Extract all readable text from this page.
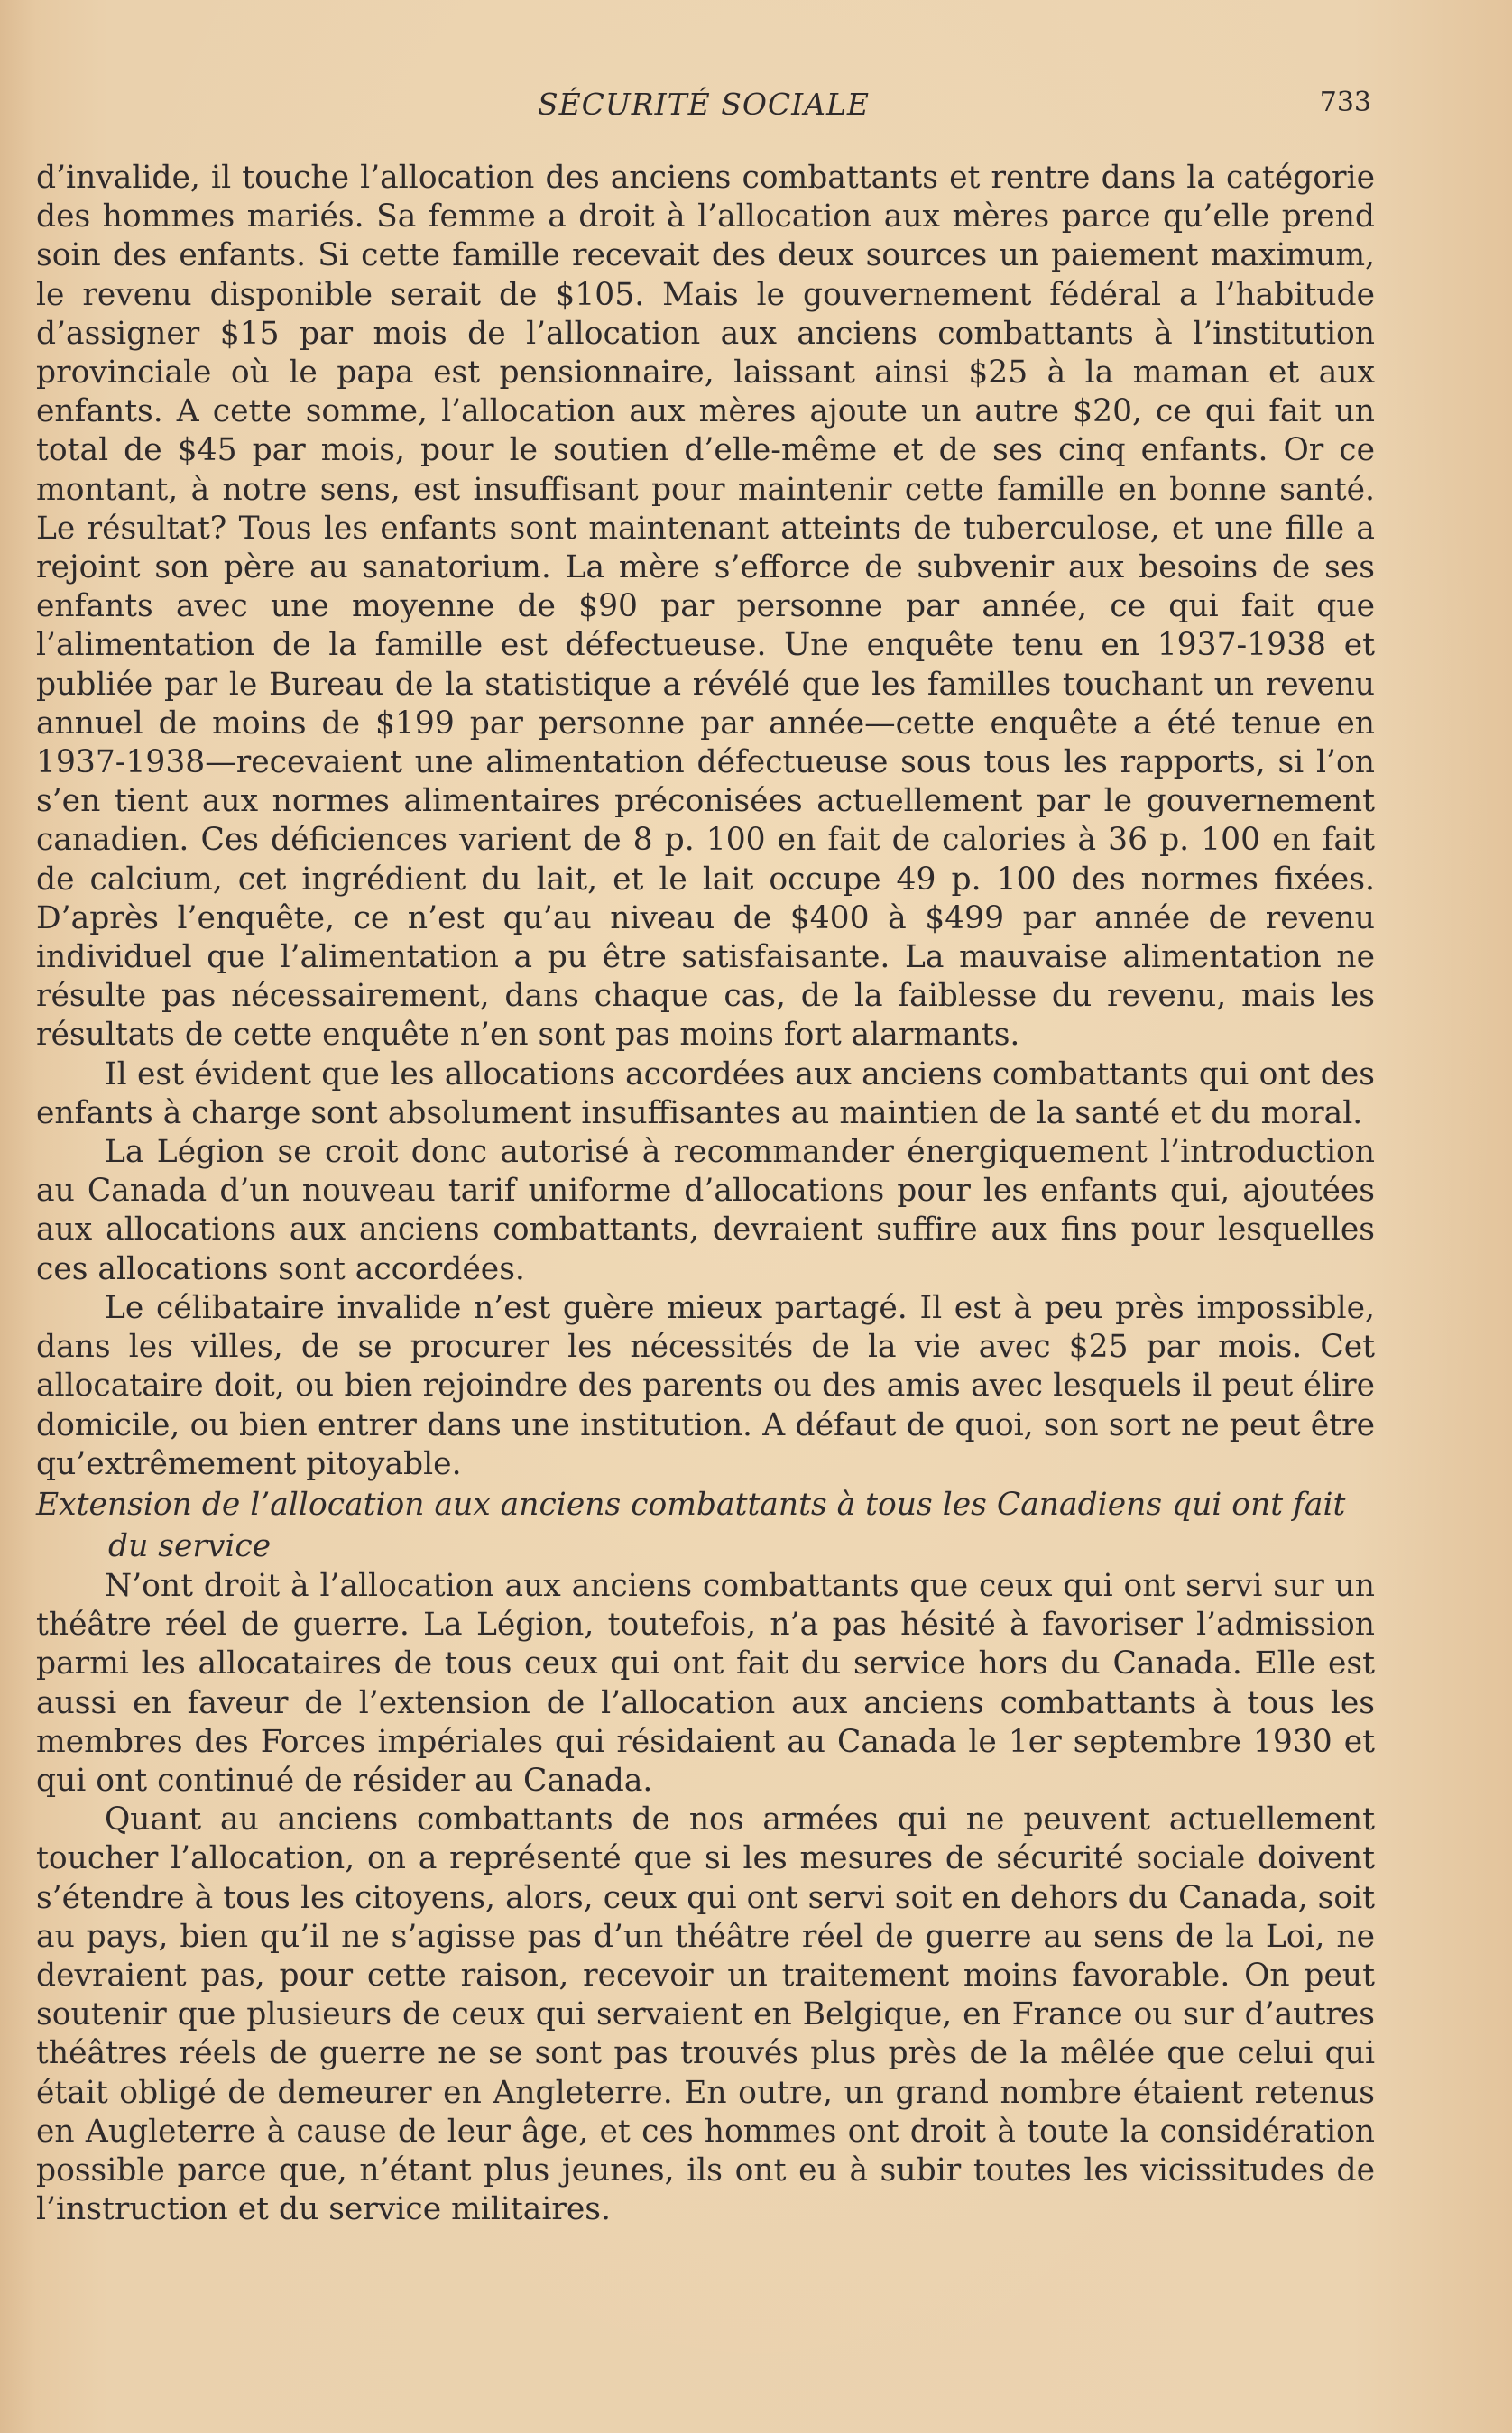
SÉCURITÉ SOCIALE	733

d’invalide, il touche l’allocation des anciens combattants et rentre dans la catégorie des hommes mariés. Sa femme a droit à l’allocation aux mères parce qu’elle prend soin des enfants. Si cette famille recevait des deux sources un paiement maximum, le revenu disponible serait de $105. Mais le gouvernement fédéral a l’habitude d’assigner $15 par mois de l’allocation aux anciens combattants à l’institution provinciale où le papa est pensionnaire, laissant ainsi $25 à la maman et aux enfants. A cette somme, l’allocation aux mères ajoute un autre $20, ce qui fait un total de $45 par mois, pour le soutien d’elle-même et de ses cinq enfants. Or ce montant, à notre sens, est insuffisant pour maintenir cette famille en bonne santé. Le résultat? Tous les enfants sont maintenant atteints de tuberculose, et une fille a rejoint son père au sanatorium. La mère s’efforce de subvenir aux besoins de ses enfants avec une moyenne de $90 par personne par année, ce qui fait que l’alimentation de la famille est défectueuse. Une enquête tenu en 1937-1938 et publiée par le Bureau de la statistique a révélé que les familles touchant un revenu annuel de moins de $199 par personne par année—cette enquête a été tenue en 1937-1938—recevaient une alimentation défectueuse sous tous les rapports, si l’on s’en tient aux normes alimentaires préconisées actuellement par le gouvernement canadien. Ces déficiences varient de 8 p. 100 en fait de calories à 36 p. 100 en fait de calcium, cet ingrédient du lait, et le lait occupe 49 p. 100 des normes fixées. D’après l’enquête, ce n’est qu’au niveau de $400 à $499 par année de revenu individuel que l’alimentation a pu être satisfaisante. La mauvaise alimentation ne résulte pas nécessairement, dans chaque cas, de la faiblesse du revenu, mais les résultats de cette enquête n’en sont pas moins fort alarmants.

Il est évident que les allocations accordées aux anciens combattants qui ont des enfants à charge sont absolument insuffisantes au maintien de la santé et du moral.

La Légion se croit donc autorisé à recommander énergiquement l’introduction au Canada d’un nouveau tarif uniforme d’allocations pour les enfants qui, ajoutées aux allocations aux anciens combattants, devraient suffire aux fins pour lesquelles ces allocations sont accordées.

Le célibataire invalide n’est guère mieux partagé. Il est à peu près impossible, dans les villes, de se procurer les nécessités de la vie avec $25 par mois. Cet allocataire doit, ou bien rejoindre des parents ou des amis avec lesquels il peut élire domicile, ou bien entrer dans une institution. A défaut de quoi, son sort ne peut être qu’extrêmement pitoyable.

Extension de l’allocation aux anciens combattants à tous les Canadiens qui ont fait du service

N’ont droit à l’allocation aux anciens combattants que ceux qui ont servi sur un théâtre réel de guerre. La Légion, toutefois, n’a pas hésité à favoriser l’admission parmi les allocataires de tous ceux qui ont fait du service hors du Canada. Elle est aussi en faveur de l’extension de l’allocation aux anciens combattants à tous les membres des Forces impériales qui résidaient au Canada le 1er septembre 1930 et qui ont continué de résider au Canada.

Quant au anciens combattants de nos armées qui ne peuvent actuellement toucher l’allocation, on a représenté que si les mesures de sécurité sociale doivent s’étendre à tous les citoyens, alors, ceux qui ont servi soit en dehors du Canada, soit au pays, bien qu’il ne s’agisse pas d’un théâtre réel de guerre au sens de la Loi, ne devraient pas, pour cette raison, recevoir un traitement moins favorable. On peut soutenir que plusieurs de ceux qui servaient en Belgique, en France ou sur d’autres théâtres réels de guerre ne se sont pas trouvés plus près de la mêlée que celui qui était obligé de demeurer en Angleterre. En outre, un grand nombre étaient retenus en Augleterre à cause de leur âge, et ces hommes ont droit à toute la considération possible parce que, n’étant plus jeunes, ils ont eu à subir toutes les vicissitudes de l’instruction et du service militaires.
